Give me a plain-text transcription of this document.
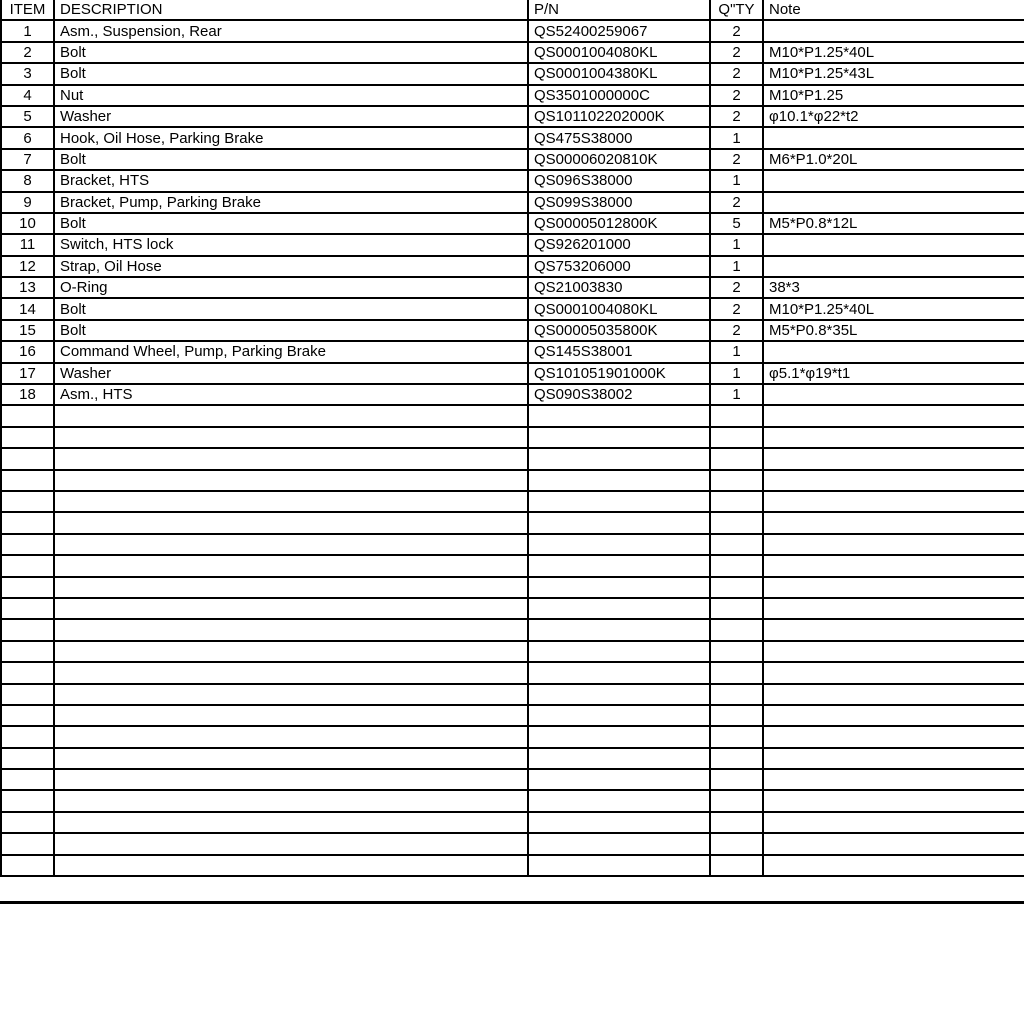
ITEM	DESCRIPTION	P/N	Q"TY	Note
1	Asm., Suspension, Rear	QS52400259067	2	
2	Bolt	QS0001004080KL	2	M10*P1.25*40L
3	Bolt	QS0001004380KL	2	M10*P1.25*43L
4	Nut	QS3501000000C	2	M10*P1.25
5	Washer	QS101102202000K	2	φ10.1*φ22*t2
6	Hook, Oil Hose, Parking Brake	QS475S38000	1	
7	Bolt	QS00006020810K	2	M6*P1.0*20L
8	Bracket, HTS	QS096S38000	1	
9	Bracket, Pump, Parking Brake	QS099S38000	2	
10	Bolt	QS00005012800K	5	M5*P0.8*12L
11	Switch, HTS lock	QS926201000	1	
12	Strap, Oil Hose	QS753206000	1	
13	O-Ring	QS21003830	2	38*3
14	Bolt	QS0001004080KL	2	M10*P1.25*40L
15	Bolt	QS00005035800K	2	M5*P0.8*35L
16	Command Wheel, Pump, Parking Brake	QS145S38001	1	
17	Washer	QS101051901000K	1	φ5.1*φ19*t1
18	Asm., HTS	QS090S38002	1	
